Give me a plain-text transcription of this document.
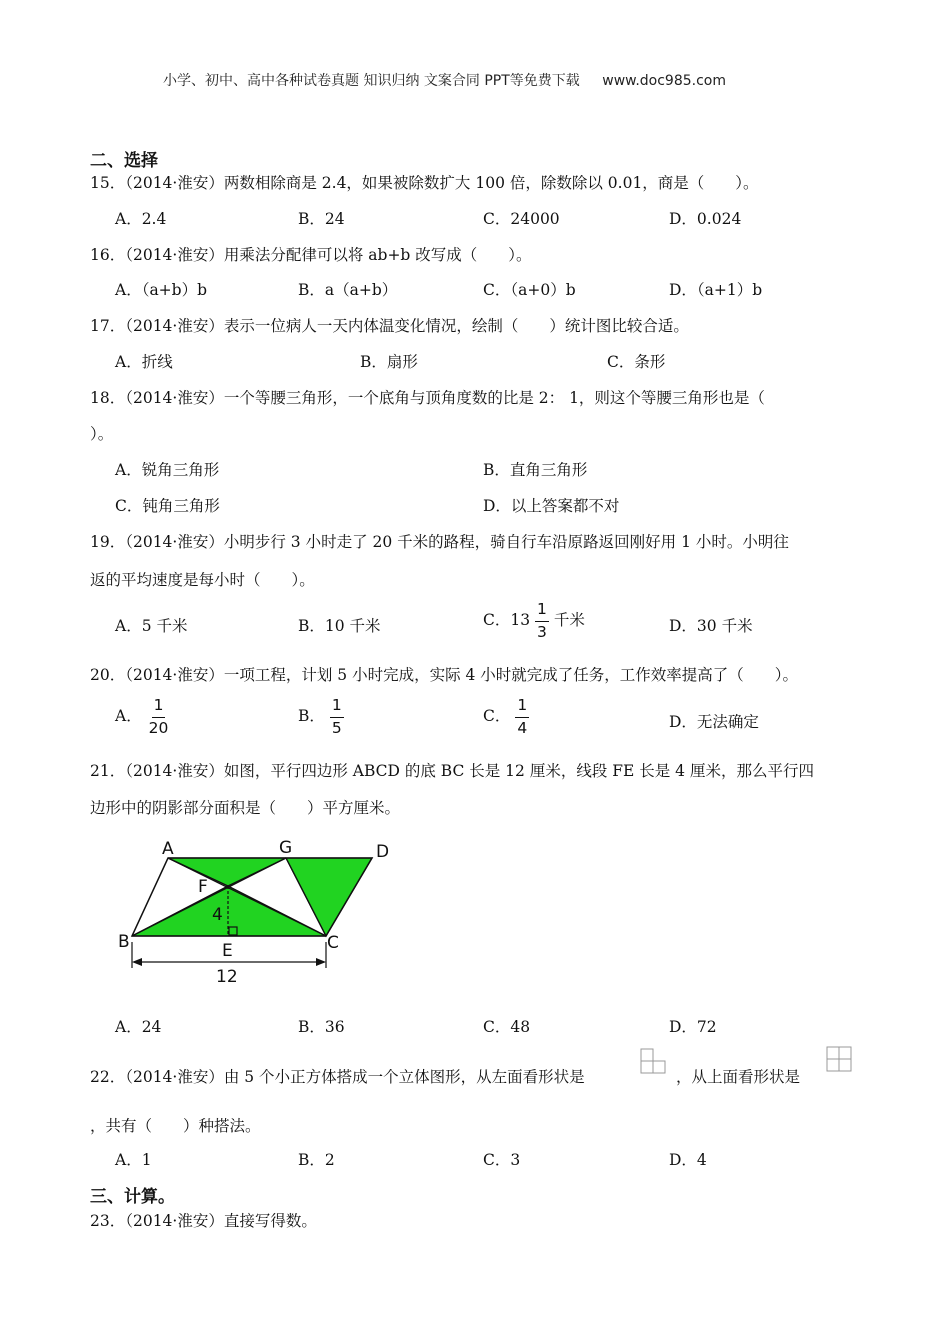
小学、初中、高中各种试卷真题 知识归纳 文案合同 PPT等免费下载 www.doc985.com
二、选择
15．（2014·淮安）两数相除商是 2.4，如果被除数扩大 100 倍，除数除以 0.01，商是（　　）。
A．2.4	B．24	C．24000	D．0.024
16．（2014·淮安）用乘法分配律可以将 ab+b 改写成（　　）。
A．（a+b）b	B．a（a+b）	C．（a+0）b	D．（a+1）b
17．（2014·淮安）表示一位病人一天内体温变化情况，绘制（　　）统计图比较合适。
A．折线	B．扇形	C．条形
18．（2014·淮安）一个等腰三角形，一个底角与顶角度数的比是 2： 1，则这个等腰三角形也是（
）。
A．锐角三角形	B．直角三角形
C．钝角三角形	D．以上答案都不对
19．（2014·淮安）小明步行 3 小时走了 20 千米的路程，骑自行车沿原路返回刚好用 1 小时。小明往
返的平均速度是每小时（　　）。
A．5 千米	B．10 千米	C．$13 \frac{1}{3}$ 千米	D．30 千米
20．（2014·淮安）一项工程，计划 5 小时完成，实际 4 小时就完成了任务，工作效率提高了（　　）。
A． $\frac{1}{20}$	B． $\frac{1}{5}$	C． $\frac{1}{4}$	D．无法确定
21．（2014·淮安）如图，平行四边形 ABCD 的底 BC 长是 12 厘米，线段 FE 长是 4 厘米，那么平行四
边形中的阴影部分面积是（　　）平方厘米。
A	G	D
F
4
B	E	C
12
A．24	B．36	C．48	D．72
22．（2014·淮安）由 5 个小正方体搭成一个立体图形，从左面看形状是	，从上面看形状是
，共有（　　）种搭法。
A．1	B．2	C．3	D．4
三、计算。
23．（2014·淮安）直接写得数。
